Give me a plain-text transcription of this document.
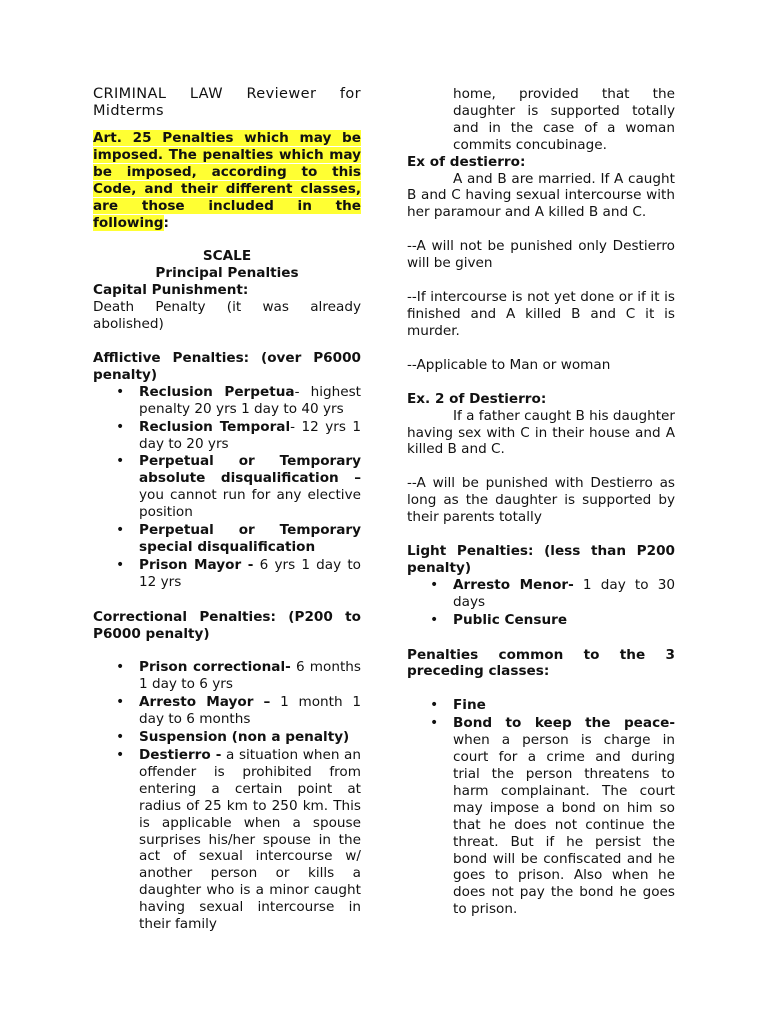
CRIMINAL LAW Reviewer for Midterms

Art. 25 Penalties which may be imposed. The penalties which may be imposed, according to this Code, and their different classes, are those included in the following:

SCALE

Principal Penalties

Capital Punishment:

Death Penalty (it was already abolished)

Afflictive Penalties: (over P6000 penalty)

• Reclusion Perpetua- highest penalty 20 yrs 1 day to 40 yrs
• Reclusion Temporal- 12 yrs 1 day to 20 yrs
• Perpetual or Temporary absolute disqualification – you cannot run for any elective position
• Perpetual or Temporary special disqualification
• Prison Mayor - 6 yrs 1 day to 12 yrs

Correctional Penalties: (P200 to P6000 penalty)

• Prison correctional- 6 months 1 day to 6 yrs
• Arresto Mayor – 1 month 1 day to 6 months
• Suspension (non a penalty)
• Destierro - a situation when an offender is prohibited from entering a certain point at radius of 25 km to 250 km. This is applicable when a spouse surprises his/her spouse in the act of sexual intercourse w/ another person or kills a daughter who is a minor caught having sexual intercourse in their family

home, provided that the daughter is supported totally and in the case of a woman commits concubinage.

Ex of destierro:

A and B are married. If A caught B and C having sexual intercourse with her paramour and A killed B and C.

--A will not be punished only Destierro will be given

--If intercourse is not yet done or if it is finished and A killed B and C it is murder.

--Applicable to Man or woman

Ex. 2 of Destierro:

If a father caught B his daughter having sex with C in their house and A killed B and C.

--A will be punished with Destierro as long as the daughter is supported by their parents totally

Light Penalties: (less than P200 penalty)

• Arresto Menor- 1 day to 30 days
• Public Censure

Penalties common to the 3 preceding classes:

• Fine
• Bond to keep the peace- when a person is charge in court for a crime and during trial the person threatens to harm complainant. The court may impose a bond on him so that he does not continue the threat. But if he persist the bond will be confiscated and he goes to prison. Also when he does not pay the bond he goes to prison.
